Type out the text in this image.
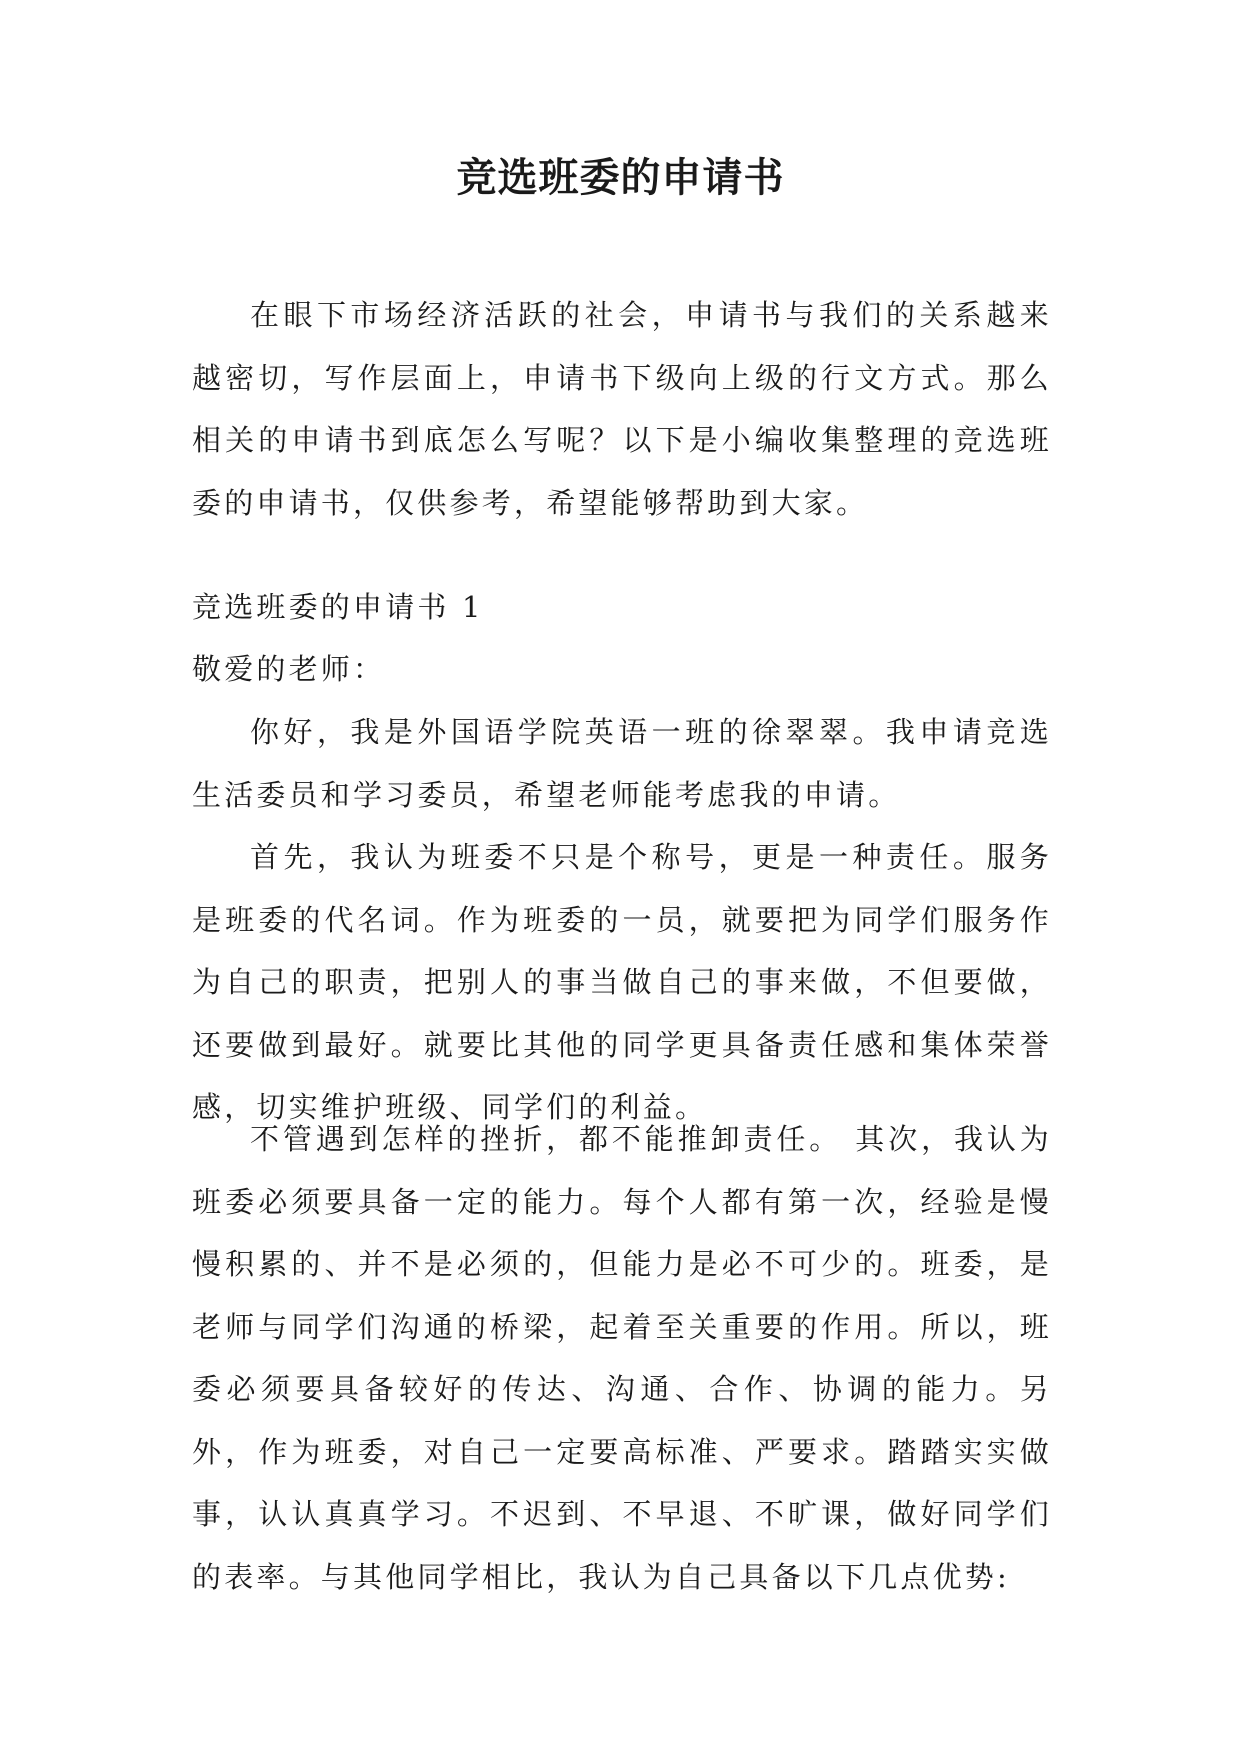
竞选班委的申请书

在眼下市场经济活跃的社会，申请书与我们的关系越来越密切，写作层面上，申请书下级向上级的行文方式。那么相关的申请书到底怎么写呢？以下是小编收集整理的竞选班委的申请书，仅供参考，希望能够帮助到大家。

竞选班委的申请书 1

敬爱的老师：

你好，我是外国语学院英语一班的徐翠翠。我申请竞选生活委员和学习委员，希望老师能考虑我的申请。

首先，我认为班委不只是个称号，更是一种责任。服务是班委的代名词。作为班委的一员，就要把为同学们服务作为自己的职责，把别人的事当做自己的事来做，不但要做，还要做到最好。就要比其他的同学更具备责任感和集体荣誉感，切实维护班级、同学们的利益。

不管遇到怎样的挫折，都不能推卸责任。 其次，我认为班委必须要具备一定的能力。每个人都有第一次，经验是慢慢积累的、并不是必须的，但能力是必不可少的。班委，是老师与同学们沟通的桥梁，起着至关重要的作用。所以，班委必须要具备较好的传达、沟通、合作、协调的能力。另外，作为班委，对自己一定要高标准、严要求。踏踏实实做事，认认真真学习。不迟到、不早退、不旷课，做好同学们的表率。与其他同学相比，我认为自己具备以下几点优势:
